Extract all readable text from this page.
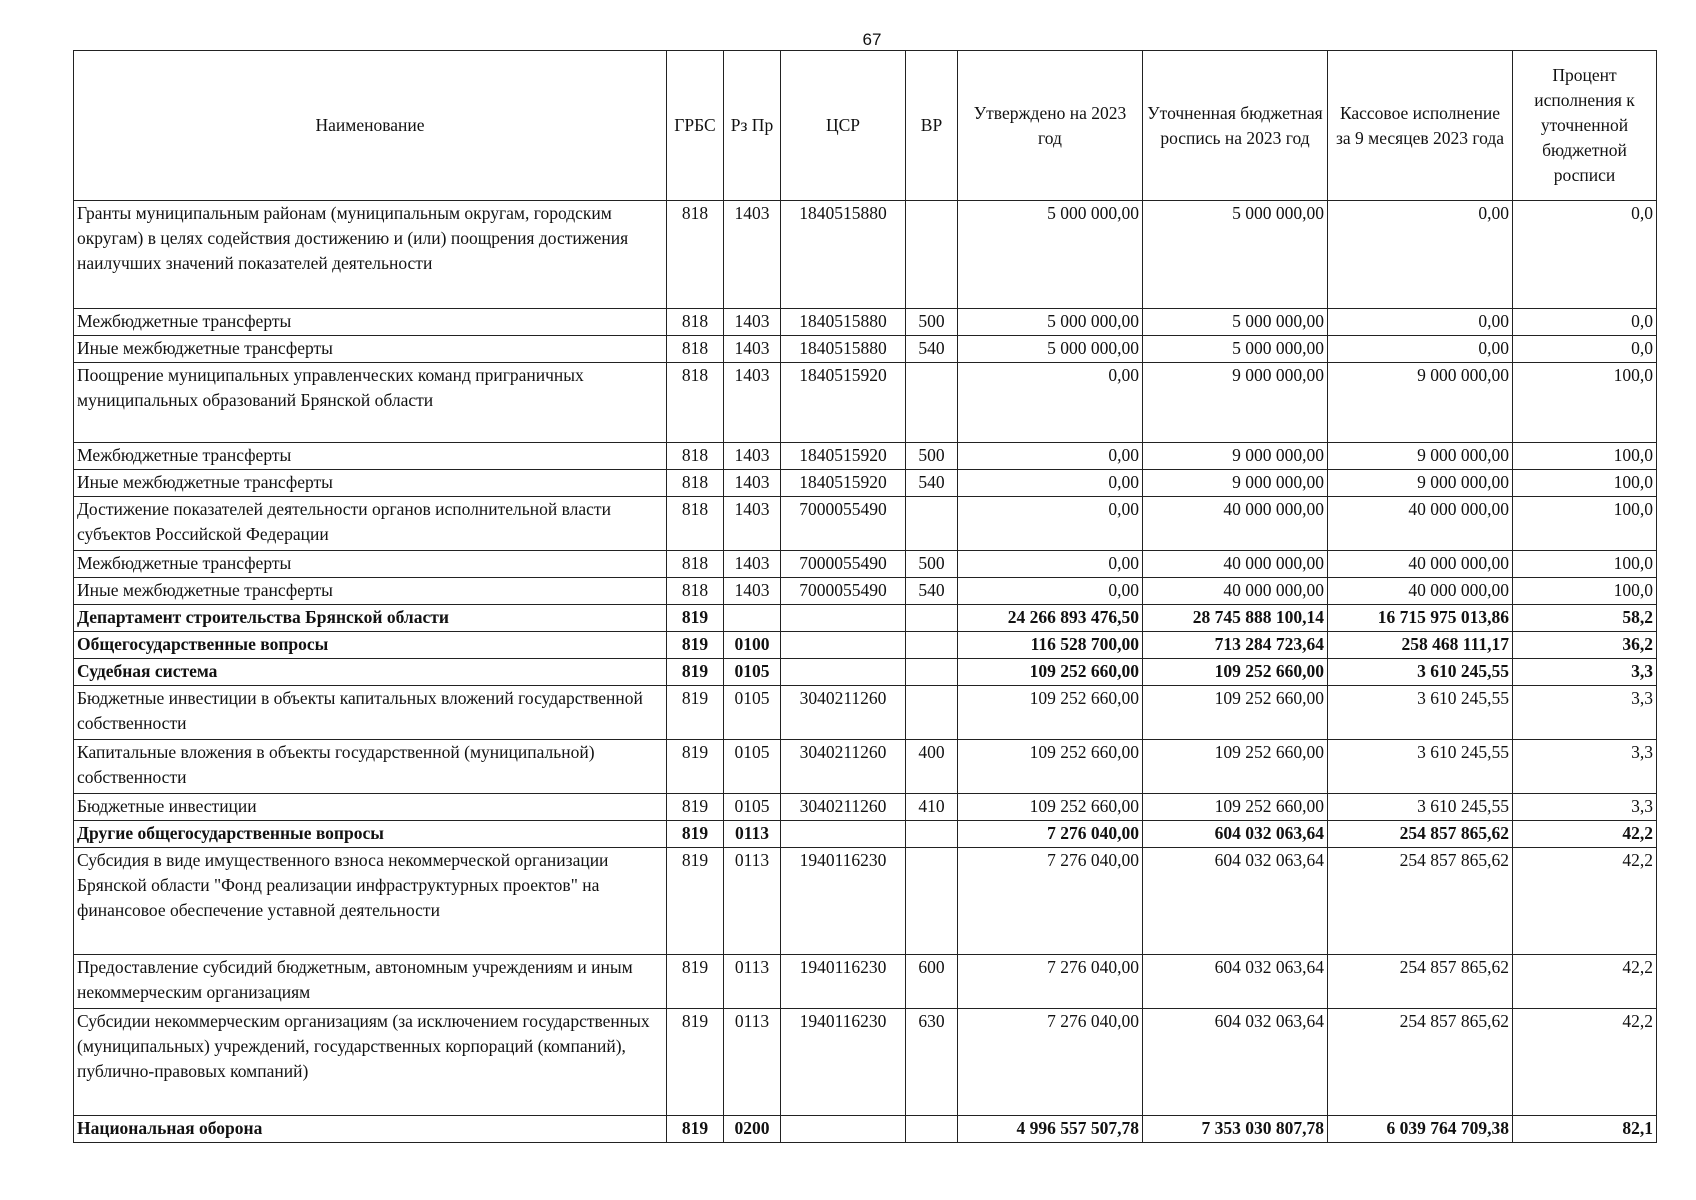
67
Наименование	ГРБС	Рз Пр	ЦСР	ВР	Утверждено на 2023 год	Уточненная бюджетная роспись на 2023 год	Кассовое исполнение за 9 месяцев 2023 года	Процент исполнения к уточненной бюджетной росписи
Гранты муниципальным районам (муниципальным округам, городским округам) в целях содействия достижению и (или) поощрения достижения наилучших значений показателей деятельности	818	1403	1840515880		5 000 000,00	5 000 000,00	0,00	0,0
Межбюджетные трансферты	818	1403	1840515880	500	5 000 000,00	5 000 000,00	0,00	0,0
Иные межбюджетные трансферты	818	1403	1840515880	540	5 000 000,00	5 000 000,00	0,00	0,0
Поощрение муниципальных управленческих команд приграничных муниципальных образований Брянской области	818	1403	1840515920		0,00	9 000 000,00	9 000 000,00	100,0
Межбюджетные трансферты	818	1403	1840515920	500	0,00	9 000 000,00	9 000 000,00	100,0
Иные межбюджетные трансферты	818	1403	1840515920	540	0,00	9 000 000,00	9 000 000,00	100,0
Достижение показателей деятельности органов исполнительной власти субъектов Российской Федерации	818	1403	7000055490		0,00	40 000 000,00	40 000 000,00	100,0
Межбюджетные трансферты	818	1403	7000055490	500	0,00	40 000 000,00	40 000 000,00	100,0
Иные межбюджетные трансферты	818	1403	7000055490	540	0,00	40 000 000,00	40 000 000,00	100,0
Департамент строительства Брянской области	819				24 266 893 476,50	28 745 888 100,14	16 715 975 013,86	58,2
Общегосударственные вопросы	819	0100			116 528 700,00	713 284 723,64	258 468 111,17	36,2
Судебная система	819	0105			109 252 660,00	109 252 660,00	3 610 245,55	3,3
Бюджетные инвестиции в объекты капитальных вложений государственной собственности	819	0105	3040211260		109 252 660,00	109 252 660,00	3 610 245,55	3,3
Капитальные вложения в объекты государственной (муниципальной) собственности	819	0105	3040211260	400	109 252 660,00	109 252 660,00	3 610 245,55	3,3
Бюджетные инвестиции	819	0105	3040211260	410	109 252 660,00	109 252 660,00	3 610 245,55	3,3
Другие общегосударственные вопросы	819	0113			7 276 040,00	604 032 063,64	254 857 865,62	42,2
Субсидия в виде имущественного взноса некоммерческой организации Брянской области "Фонд реализации инфраструктурных проектов" на финансовое обеспечение уставной деятельности	819	0113	1940116230		7 276 040,00	604 032 063,64	254 857 865,62	42,2
Предоставление субсидий бюджетным, автономным учреждениям и иным некоммерческим организациям	819	0113	1940116230	600	7 276 040,00	604 032 063,64	254 857 865,62	42,2
Субсидии некоммерческим организациям (за исключением государственных (муниципальных) учреждений, государственных корпораций (компаний), публично-правовых компаний)	819	0113	1940116230	630	7 276 040,00	604 032 063,64	254 857 865,62	42,2
Национальная оборона	819	0200			4 996 557 507,78	7 353 030 807,78	6 039 764 709,38	82,1
